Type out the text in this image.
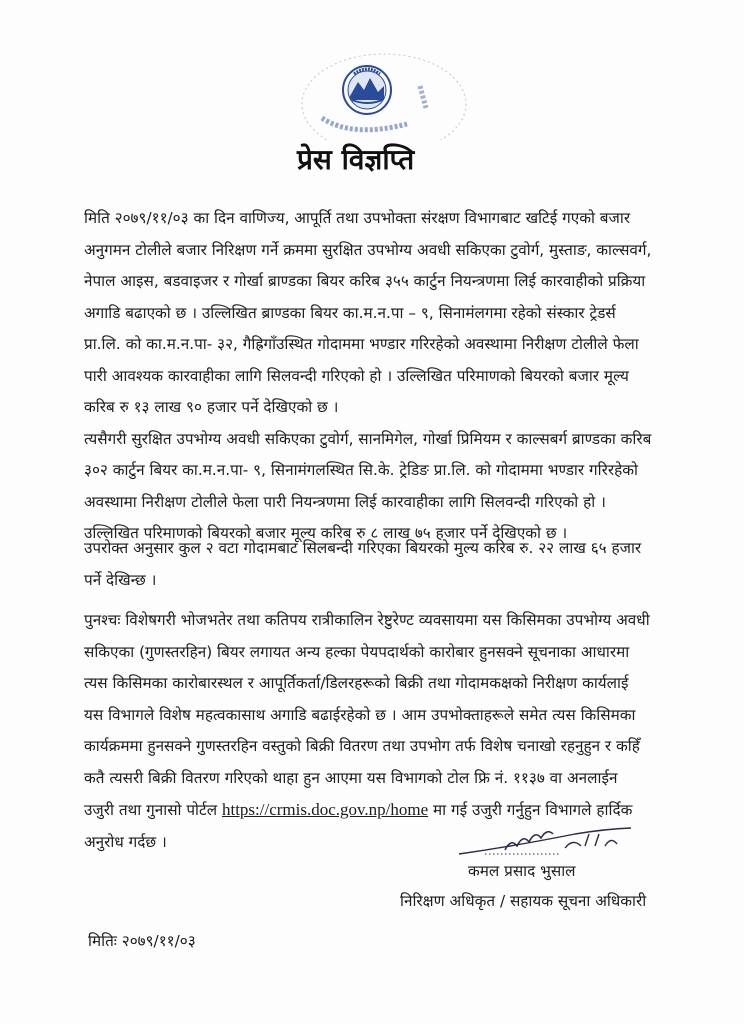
प्रेस विज्ञप्ति
मिति २०७९/११/०३ का दिन वाणिज्य, आपूर्ति तथा उपभोक्ता संरक्षण विभागबाट खटिई गएको बजार
अनुगमन टोलीले बजार निरिक्षण गर्ने क्रममा सुरक्षित उपभोग्य अवधी सकिएका टुवोर्ग, मुस्ताङ, काल्सवर्ग,
नेपाल आइस, बडवाइजर र गोर्खा ब्राण्डका बियर करिब ३५५ कार्टुन नियन्त्रणमा लिई कारवाहीको प्रक्रिया
अगाडि बढाएको छ । उल्लिखित ब्राण्डका बियर का.म.न.पा – ९, सिनामंलगमा रहेको संस्कार ट्रेडर्स
प्रा.लि. को का.म.न.पा- ३२, गैह्रिगाँउस्थित गोदाममा भण्डार गरिरहेको अवस्थामा निरीक्षण टोलीले फेला
पारी आवश्यक कारवाहीका लागि सिलवन्दी गरिएको हो । उल्लिखित परिमाणको बियरको बजार मूल्य
करिब रु १३ लाख ९० हजार पर्ने देखिएको छ ।
त्यसैगरी सुरक्षित उपभोग्य अवधी सकिएका टुवोर्ग, सानमिगेल, गोर्खा प्रिमियम र काल्सबर्ग ब्राण्डका करिब
३०२ कार्टुन बियर का.म.न.पा- ९, सिनामंगलस्थित सि.के. ट्रेडिङ प्रा.लि. को गोदाममा भण्डार गरिरहेको
अवस्थामा निरीक्षण टोलीले फेला पारी नियन्त्रणमा लिई कारवाहीका लागि सिलवन्दी गरिएको हो ।
उल्लिखित परिमाणको बियरको बजार मूल्य करिब रु ८ लाख ७५ हजार पर्ने देखिएको छ ।
उपरोक्त अनुसार कुल २ वटा गोदामबाट सिलबन्दी गरिएका बियरको मुल्य करिब रु. २२ लाख ६५ हजार
पर्ने देखिन्छ ।
पुनश्चः विशेषगरी भोजभतेर तथा कतिपय रात्रीकालिन रेष्टुरेण्ट व्यवसायमा यस किसिमका उपभोग्य अवधी
सकिएका (गुणस्तरहिन) बियर लगायत अन्य हल्का पेयपदार्थको कारोबार हुनसक्ने सूचनाका आधारमा
त्यस किसिमका कारोबारस्थल र आपूर्तिकर्ता/डिलरहरूको बिक्री तथा गोदामकक्षको निरीक्षण कार्यलाई
यस विभागले विशेष महत्वकासाथ अगाडि बढाईरहेको छ । आम उपभोक्ताहरूले समेत त्यस किसिमका
कार्यक्रममा हुनसक्ने गुणस्तरहिन वस्तुको बिक्री वितरण तथा उपभोग तर्फ विशेष चनाखो रहनुहुन र कहिँ
कतै त्यसरी बिक्री वितरण गरिएको थाहा हुन आएमा यस विभागको टोल फ्रि नं. ११३७ वा अनलाईन
उजुरी तथा गुनासो पोर्टल https://crmis.doc.gov.np/home मा गई उजुरी गर्नुहुन विभागले हार्दिक
अनुरोध गर्दछ ।
कमल प्रसाद भुसाल
निरिक्षण अधिकृत / सहायक सूचना अधिकारी
मितिः २०७९/११/०३
